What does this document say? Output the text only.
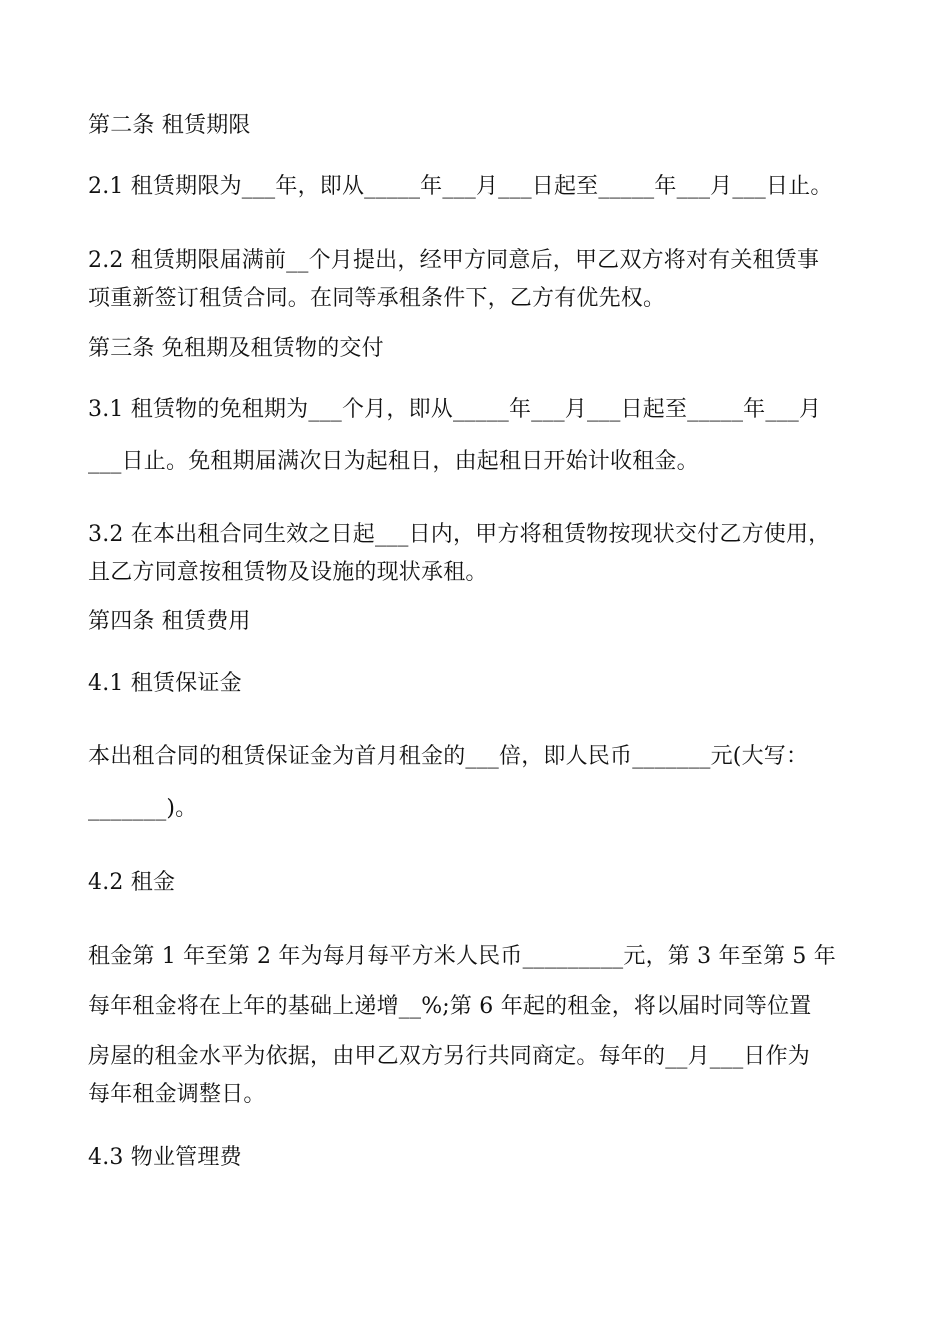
第二条 租赁期限
2.1 租赁期限为___年，即从_____年___月___日起至_____年___月___日止。
2.2 租赁期限届满前__个月提出，经甲方同意后，甲乙双方将对有关租赁事
项重新签订租赁合同。在同等承租条件下，乙方有优先权。
第三条 免租期及租赁物的交付
3.1 租赁物的免租期为___个月，即从_____年___月___日起至_____年___月
___日止。免租期届满次日为起租日，由起租日开始计收租金。
3.2 在本出租合同生效之日起___日内，甲方将租赁物按现状交付乙方使用，
且乙方同意按租赁物及设施的现状承租。
第四条 租赁费用
4.1 租赁保证金
本出租合同的租赁保证金为首月租金的___倍，即人民币_______元(大写：
_______)。
4.2 租金
租金第 1 年至第 2 年为每月每平方米人民币_________元，第 3 年至第 5 年
每年租金将在上年的基础上递增__%;第 6 年起的租金，将以届时同等位置
房屋的租金水平为依据，由甲乙双方另行共同商定。每年的__月___日作为
每年租金调整日。
4.3 物业管理费
